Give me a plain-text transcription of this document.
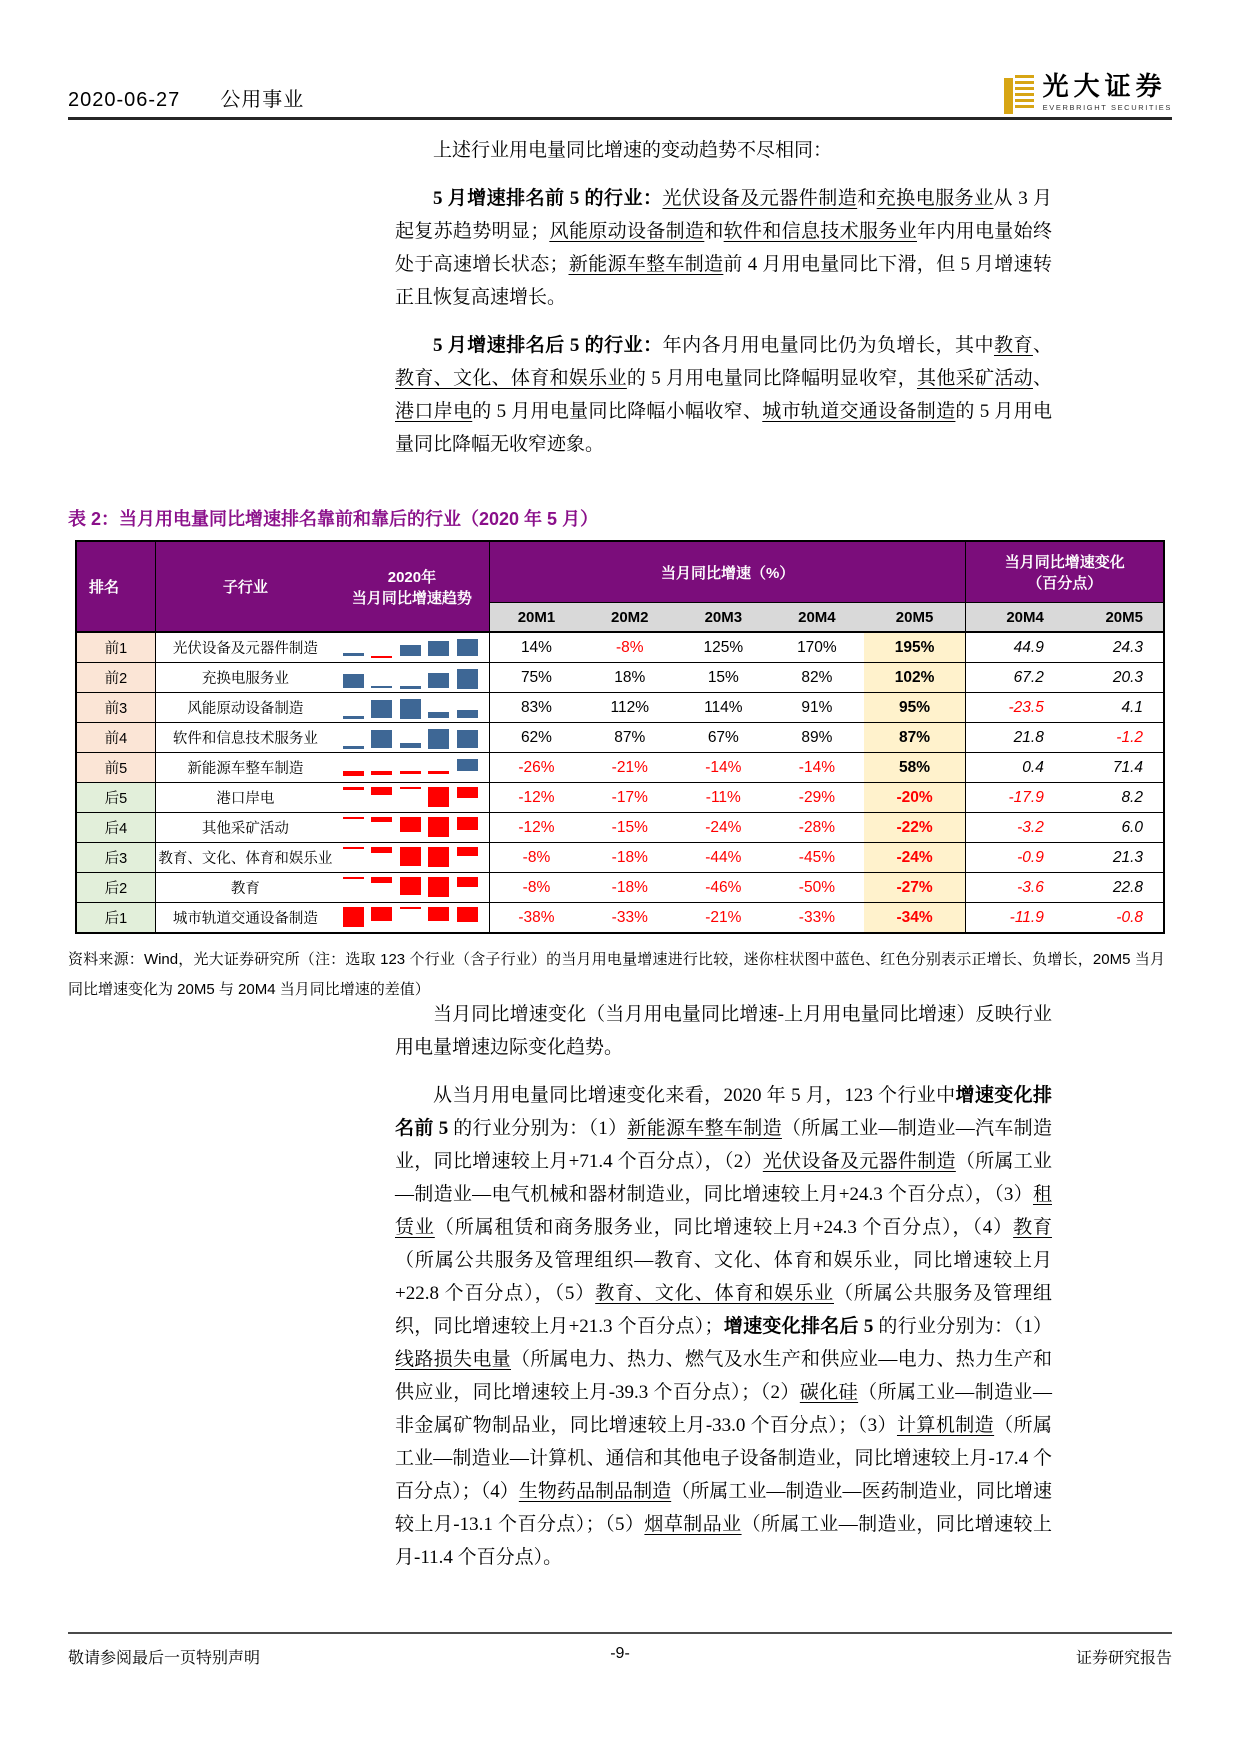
2020-06-27 公用事业	光大证券
EVERBRIGHT SECURITIES

上述行业用电量同比增速的变动趋势不尽相同：

5 月增速排名前 5 的行业：光伏设备及元器件制造和充换电服务业从 3 月起复苏趋势明显；风能原动设备制造和软件和信息技术服务业年内用电量始终处于高速增长状态；新能源车整车制造前 4 月用电量同比下滑，但 5 月增速转正且恢复高速增长。

5 月增速排名后 5 的行业：年内各月用电量同比仍为负增长，其中教育、教育、文化、体育和娱乐业的 5 月用电量同比降幅明显收窄，其他采矿活动、港口岸电的 5 月用电量同比降幅小幅收窄、城市轨道交通设备制造的 5 月用电量同比降幅无收窄迹象。

表 2：当月用电量同比增速排名靠前和靠后的行业（2020 年 5 月）
排名	子行业	
2020年
当月同比增速趋势
	当月同比增速（%）	
当月同比增速变化
（百分点）

			20M1	20M2	20M3	20M4	20M5	20M4	20M5
前1	光伏设备及元器件制造		14%	-8%	125%	170%	195%	44.9	24.3
前2	充换电服务业		75%	18%	15%	82%	102%	67.2	20.3
前3	风能原动设备制造		83%	112%	114%	91%	95%	-23.5	4.1
前4	软件和信息技术服务业		62%	87%	67%	89%	87%	21.8	-1.2
前5	新能源车整车制造		-26%	-21%	-14%	-14%	58%	0.4	71.4
后5	港口岸电		-12%	-17%	-11%	-29%	-20%	-17.9	8.2
后4	其他采矿活动		-12%	-15%	-24%	-28%	-22%	-3.2	6.0
后3	教育、文化、体育和娱乐业		-8%	-18%	-44%	-45%	-24%	-0.9	21.3
后2	教育		-8%	-18%	-46%	-50%	-27%	-3.6	22.8
后1	城市轨道交通设备制造		-38%	-33%	-21%	-33%	-34%	-11.9	-0.8
资料来源：Wind，光大证券研究所（注：选取 123 个行业（含子行业）的当月用电量增速进行比较，迷你柱状图中蓝色、红色分别表示正增长、负增长，20M5 当月同比增速变化为 20M5 与 20M4 当月同比增速的差值）

当月同比增速变化（当月用电量同比增速-上月用电量同比增速）反映行业用电量增速边际变化趋势。

从当月用电量同比增速变化来看，2020 年 5 月，123 个行业中增速变化排名前 5 的行业分别为：（1）新能源车整车制造（所属工业—制造业—汽车制造业，同比增速较上月+71.4 个百分点），（2）光伏设备及元器件制造（所属工业—制造业—电气机械和器材制造业，同比增速较上月+24.3 个百分点），（3）租赁业（所属租赁和商务服务业，同比增速较上月+24.3 个百分点），（4）教育（所属公共服务及管理组织—教育、文化、体育和娱乐业，同比增速较上月+22.8 个百分点），（5）教育、文化、体育和娱乐业（所属公共服务及管理组织，同比增速较上月+21.3 个百分点）；增速变化排名后 5 的行业分别为：（1）线路损失电量（所属电力、热力、燃气及水生产和供应业—电力、热力生产和供应业，同比增速较上月-39.3 个百分点）；（2）碳化硅（所属工业—制造业—非金属矿物制品业，同比增速较上月-33.0 个百分点）；（3）计算机制造（所属工业—制造业—计算机、通信和其他电子设备制造业，同比增速较上月-17.4 个百分点）；（4）生物药品制品制造（所属工业—制造业—医药制造业，同比增速较上月-13.1 个百分点）；（5）烟草制品业（所属工业—制造业，同比增速较上月-11.4 个百分点）。

敬请参阅最后一页特别声明	-9-	证券研究报告
